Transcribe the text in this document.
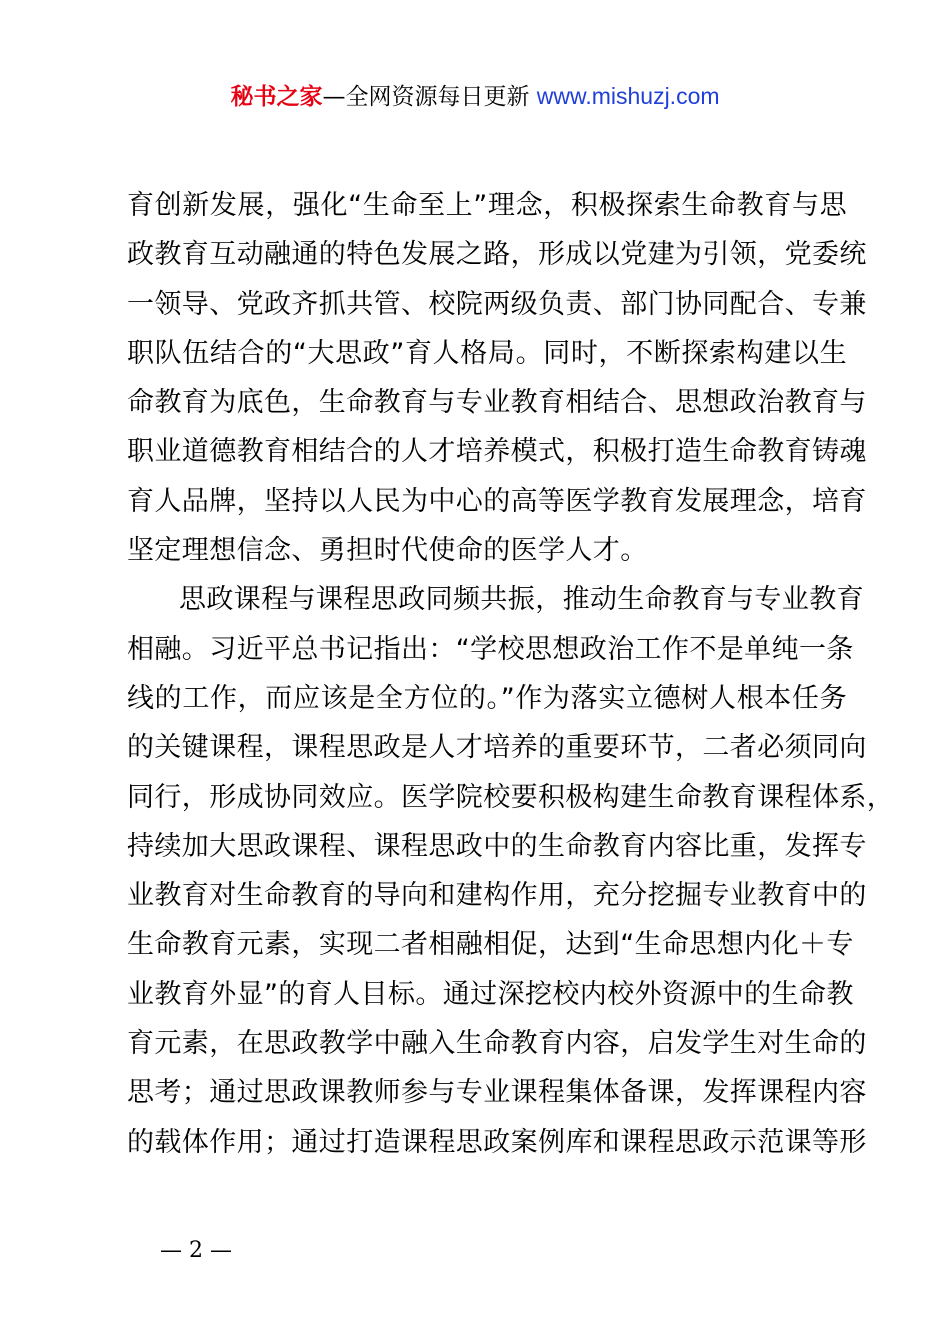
秘书之家—全网资源每日更新 www.mishuzj.com
育创新发展，强化“生命至上”理念，积极探索生命教育与思
政教育互动融通的特色发展之路，形成以党建为引领，党委统
一领导、党政齐抓共管、校院两级负责、部门协同配合、专兼
职队伍结合的“大思政”育人格局。同时，不断探索构建以生
命教育为底色，生命教育与专业教育相结合、思想政治教育与
职业道德教育相结合的人才培养模式，积极打造生命教育铸魂
育人品牌，坚持以人民为中心的高等医学教育发展理念，培育
坚定理想信念、勇担时代使命的医学人才。
思政课程与课程思政同频共振，推动生命教育与专业教育
相融。习近平总书记指出：“学校思想政治工作不是单纯一条
线的工作，而应该是全方位的。”作为落实立德树人根本任务
的关键课程，课程思政是人才培养的重要环节，二者必须同向
同行，形成协同效应。医学院校要积极构建生命教育课程体系，
持续加大思政课程、课程思政中的生命教育内容比重，发挥专
业教育对生命教育的导向和建构作用，充分挖掘专业教育中的
生命教育元素，实现二者相融相促，达到“生命思想内化＋专
业教育外显”的育人目标。通过深挖校内校外资源中的生命教
育元素，在思政教学中融入生命教育内容，启发学生对生命的
思考；通过思政课教师参与专业课程集体备课，发挥课程内容
的载体作用；通过打造课程思政案例库和课程思政示范课等形
— 2 —
